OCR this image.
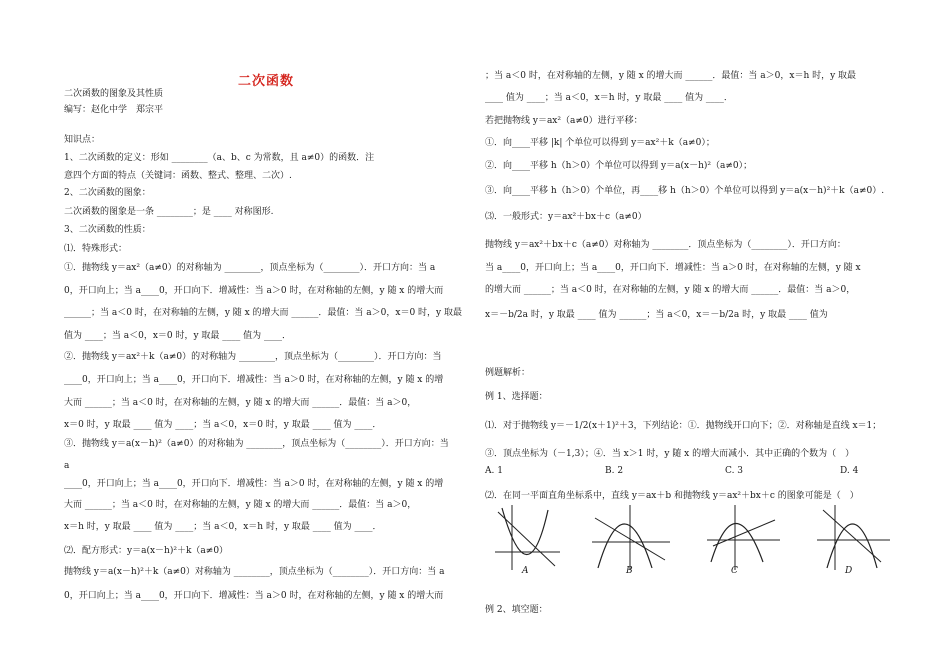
二次函数
二次函数的图象及其性质
编写：赵化中学　郑宗平
知识点：
1、二次函数的定义：形如 ________（a、b、c 为常数，且 a≠0）的函数．注
意四个方面的特点（关键词：函数、整式、整理、二次）.
2、二次函数的图象：
二次函数的图象是一条 ________；是 ____ 对称图形.
3、二次函数的性质：
⑴．特殊形式：
①．抛物线 y＝ax²（a≠0）的对称轴为 ________，顶点坐标为（________）．开口方向：当 a
0，开口向上；当 a____0，开口向下．增减性：当 a＞0 时，在对称轴的左侧，y 随 x 的增大而
______；当 a＜0 时，在对称轴的左侧，y 随 x 的增大而 ______．最值：当 a＞0，x＝0 时，y 取最
值为 ____；当 a＜0，x＝0 时，y 取最 ____ 值为 ____．
②．抛物线 y＝ax²＋k（a≠0）的对称轴为 ________，顶点坐标为（________）．开口方向：当
____0，开口向上；当 a____0，开口向下．增减性：当 a＞0 时，在对称轴的左侧，y 随 x 的增
大而 ______；当 a＜0 时，在对称轴的左侧，y 随 x 的增大而 ______．最值：当 a＞0，
x＝0 时，y 取最 ____ 值为 ____；当 a＜0，x＝0 时，y 取最 ____ 值为 ____．
③．抛物线 y＝a(x－h)²（a≠0）的对称轴为 ________，顶点坐标为（________）．开口方向：当
a
____0，开口向上；当 a____0，开口向下．增减性：当 a＞0 时，在对称轴的左侧，y 随 x 的增
大而 ______；当 a＜0 时，在对称轴的左侧，y 随 x 的增大而 ______．最值：当 a＞0，
x＝h 时，y 取最 ____ 值为 ____；当 a＜0，x＝h 时，y 取最 ____ 值为 ____．
⑵．配方形式：y＝a(x－h)²＋k（a≠0）
抛物线 y＝a(x－h)²＋k（a≠0）对称轴为 ________，顶点坐标为（________）．开口方向：当 a
0，开口向上；当 a____0，开口向下．增减性：当 a＞0 时，在对称轴的左侧，y 随 x 的增大而
；当 a＜0 时，在对称轴的左侧，y 随 x 的增大而 ______．最值：当 a＞0，x＝h 时，y 取最
____ 值为 ____；当 a＜0，x＝h 时，y 取最 ____ 值为 ____．
若把抛物线 y＝ax²（a≠0）进行平移：
①．向____平移 |k| 个单位可以得到 y＝ax²＋k（a≠0）；
②．向____平移 h（h＞0）个单位可以得到 y＝a(x－h)²（a≠0）；
③．向____平移 h（h＞0）个单位，再____移 h（h＞0）个单位可以得到 y＝a(x－h)²＋k（a≠0）.
⑶．一般形式：y＝ax²＋bx＋c（a≠0）
抛物线 y＝ax²＋bx＋c（a≠0）对称轴为 ________．顶点坐标为（________）．开口方向：
当 a____0，开口向上；当 a____0，开口向下．增减性：当 a＞0 时，在对称轴的左侧，y 随 x
的增大而 ______；当 a＜0 时，在对称轴的左侧，y 随 x 的增大而 ______．最值：当 a＞0，
x＝－b/2a 时，y 取最 ____ 值为 ______；当 a＜0，x＝－b/2a 时，y 取最 ____ 值为
例题解析：
例 1、选择题：
⑴．对于抛物线 y＝－1/2(x＋1)²＋3，下列结论：①．抛物线开口向下；②．对称轴是直线 x＝1；
③．顶点坐标为（－1,3）；④．当 x＞1 时，y 随 x 的增大而减小．其中正确的个数为（　）
⑵．在同一平面直角坐标系中，直线 y＝ax＋b 和抛物线 y＝ax²＋bx＋c 的图象可能是（　）
例 2、填空题：
A. 1	B. 2	C. 3	D. 4
A	B	C	D
